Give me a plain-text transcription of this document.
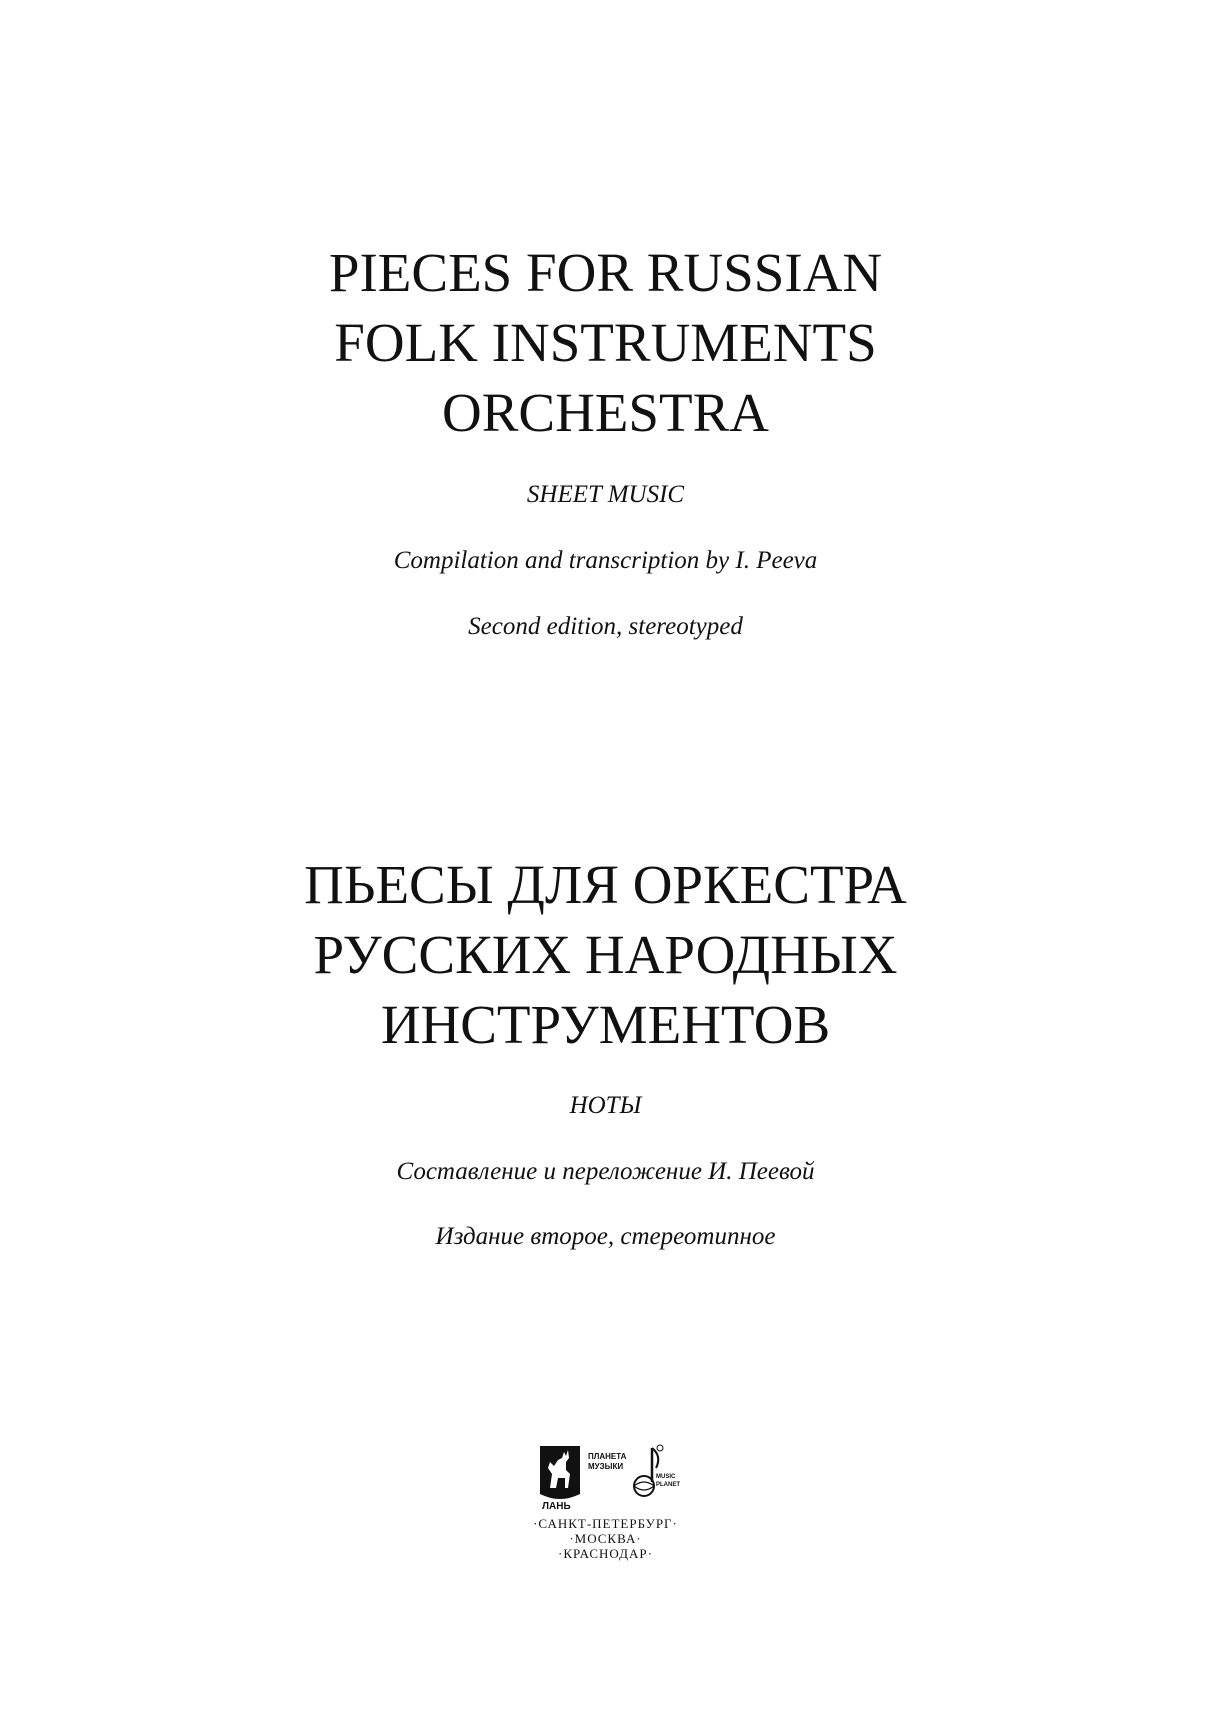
PIECES FOR RUSSIAN

FOLK INSTRUMENTS

ORCHESTRA

SHEET MUSIC

Compilation and transcription by I. Peeva

Second edition, stereotyped

ПЬЕСЫ ДЛЯ ОРКЕСТРА

РУССКИХ НАРОДНЫХ

ИНСТРУМЕНТОВ

НОТЫ

Составление и переложение И. Пеевой

Издание второе, стереотипное

ЛАНЬ
ПЛАНЕТА
МУЗЫКИ
MUSIC
PLANET
·САНКТ-ПЕТЕРБУРГ·
·МОСКВА·
·КРАСНОДАР·
